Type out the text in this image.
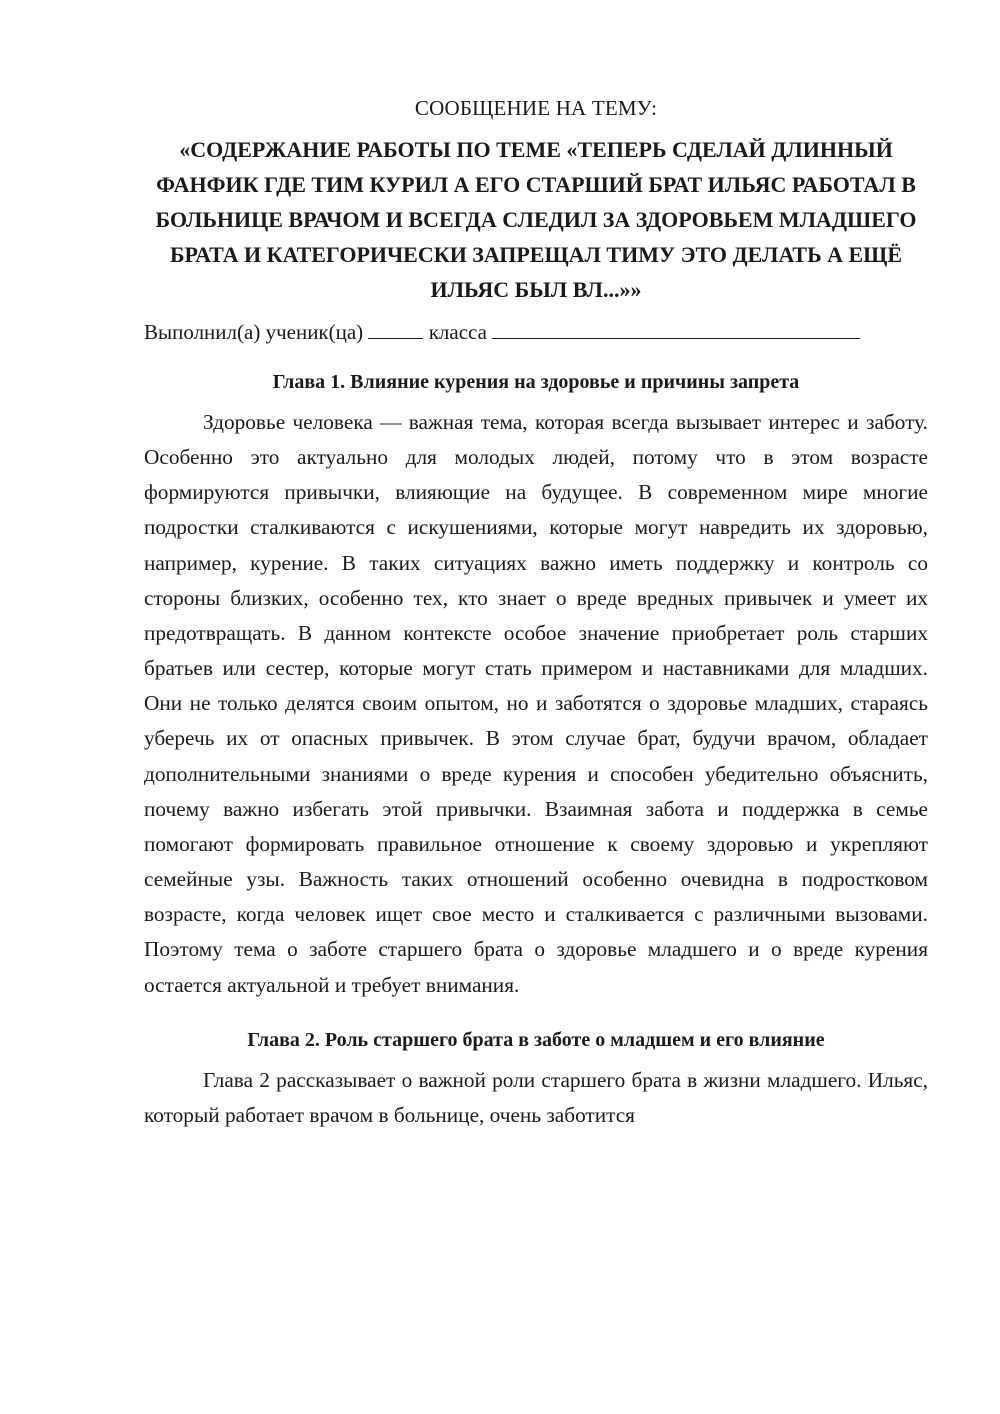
СООБЩЕНИЕ НА ТЕМУ:

«СОДЕРЖАНИЕ РАБОТЫ ПО ТЕМЕ «ТЕПЕРЬ СДЕЛАЙ ДЛИННЫЙ ФАНФИК ГДЕ ТИМ КУРИЛ А ЕГО СТАРШИЙ БРАТ ИЛЬЯС РАБОТАЛ В БОЛЬНИЦЕ ВРАЧОМ И ВСЕГДА СЛЕДИЛ ЗА ЗДОРОВЬЕМ МЛАДШЕГО БРАТА И КАТЕГОРИЧЕСКИ ЗАПРЕЩАЛ ТИМУ ЭТО ДЕЛАТЬ А ЕЩЁ ИЛЬЯС БЫЛ ВЛ...»»
Выполнил(а) ученик(ца)	класса
Глава 1. Влияние курения на здоровье и причины запрета

Здоровье человека — важная тема, которая всегда вызывает интерес и заботу. Особенно это актуально для молодых людей, потому что в этом возрасте формируются привычки, влияющие на будущее. В современном мире многие подростки сталкиваются с искушениями, которые могут навредить их здоровью, например, курение. В таких ситуациях важно иметь поддержку и контроль со стороны близких, особенно тех, кто знает о вреде вредных привычек и умеет их предотвращать. В данном контексте особое значение приобретает роль старших братьев или сестер, которые могут стать примером и наставниками для младших. Они не только делятся своим опытом, но и заботятся о здоровье младших, стараясь уберечь их от опасных привычек. В этом случае брат, будучи врачом, обладает дополнительными знаниями о вреде курения и способен убедительно объяснить, почему важно избегать этой привычки. Взаимная забота и поддержка в семье помогают формировать правильное отношение к своему здоровью и укрепляют семейные узы. Важность таких отношений особенно очевидна в подростковом возрасте, когда человек ищет свое место и сталкивается с различными вызовами. Поэтому тема о заботе старшего брата о здоровье младшего и о вреде курения остается актуальной и требует внимания.

Глава 2. Роль старшего брата в заботе о младшем и его влияние

Глава 2 рассказывает о важной роли старшего брата в жизни младшего. Ильяс, который работает врачом в больнице, очень заботится
